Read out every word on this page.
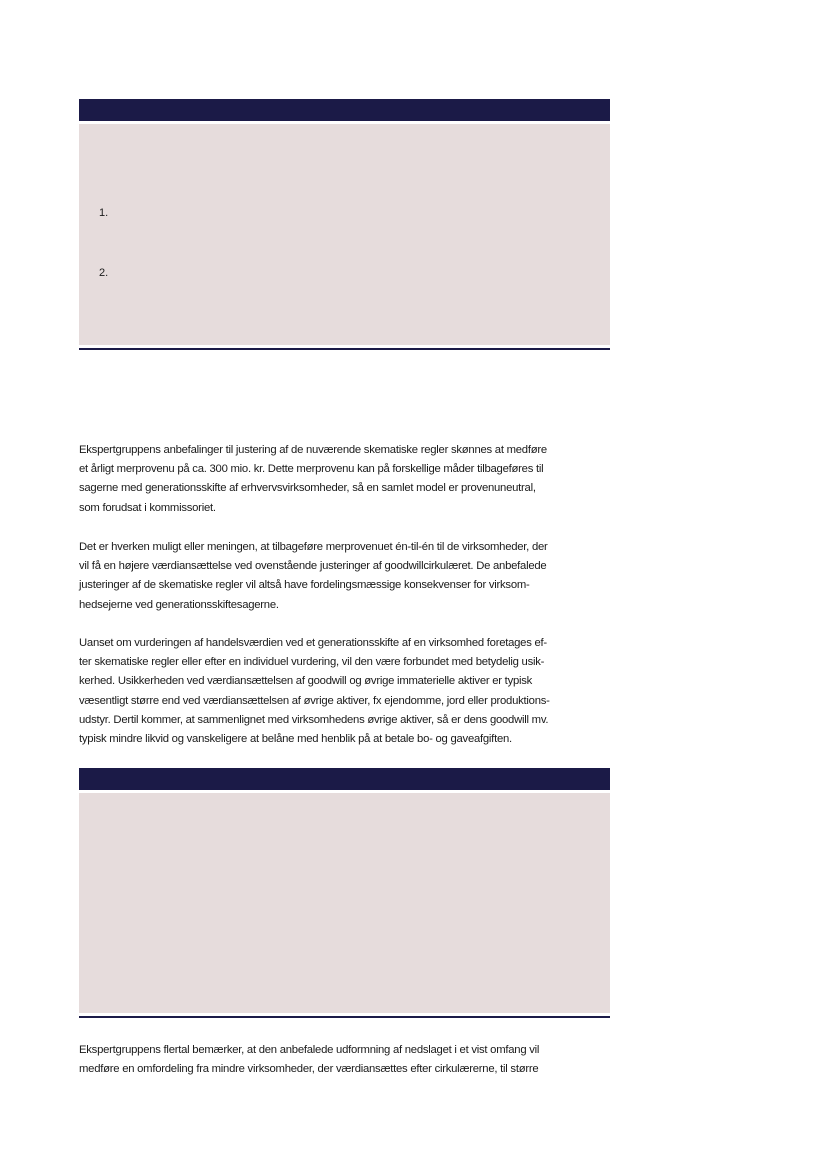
1.
2.

Ekspertgruppens anbefalinger til justering af de nuværende skematiske regler skønnes at medføre
et årligt merprovenu på ca. 300 mio. kr. Dette merprovenu kan på forskellige måder tilbageføres til
sagerne med generationsskifte af erhvervsvirksomheder, så en samlet model er provenuneutral,
som forudsat i kommissoriet.

Det er hverken muligt eller meningen, at tilbageføre merprovenuet én-til-én til de virksomheder, der
vil få en højere værdiansættelse ved ovenstående justeringer af goodwillcirkulæret. De anbefalede
justeringer af de skematiske regler vil altså have fordelingsmæssige konsekvenser for virksom-
hedsejerne ved generationsskiftesagerne.

Uanset om vurderingen af handelsværdien ved et generationsskifte af en virksomhed foretages ef-
ter skematiske regler eller efter en individuel vurdering, vil den være forbundet med betydelig usik-
kerhed. Usikkerheden ved værdiansættelsen af goodwill og øvrige immaterielle aktiver er typisk
væsentligt større end ved værdiansættelsen af øvrige aktiver, fx ejendomme, jord eller produktions-
udstyr. Dertil kommer, at sammenlignet med virksomhedens øvrige aktiver, så er dens goodwill mv.
typisk mindre likvid og vanskeligere at belåne med henblik på at betale bo- og gaveafgiften.

Ekspertgruppens flertal bemærker, at den anbefalede udformning af nedslaget i et vist omfang vil
medføre en omfordeling fra mindre virksomheder, der værdiansættes efter cirkulærerne, til større
